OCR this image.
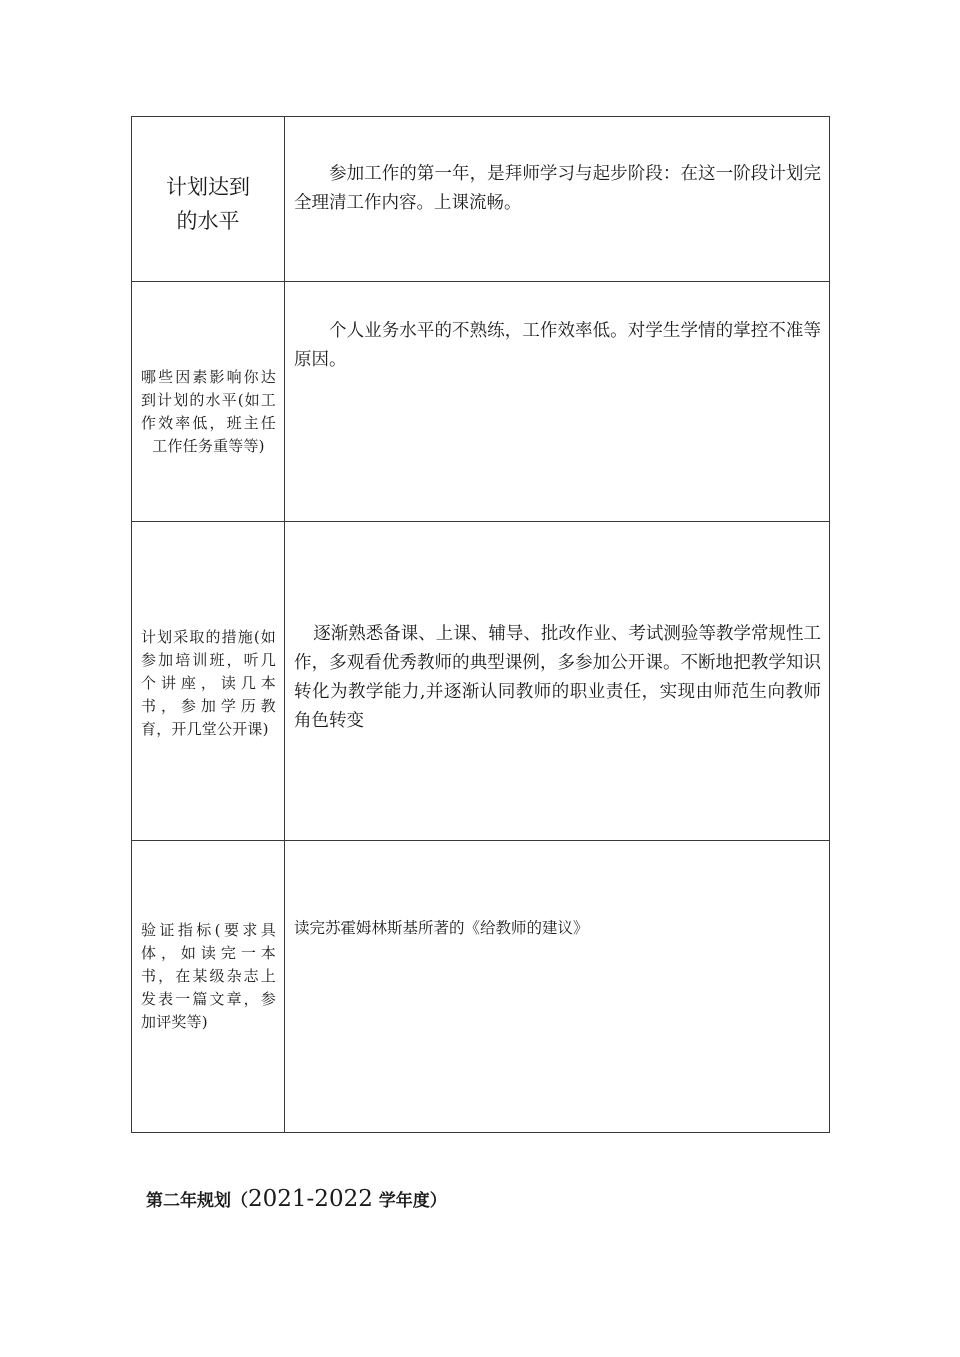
计划达到
的水平	参加工作的第一年，是拜师学习与起步阶段：在这一阶段计划完全理清工作内容。上课流畅。

哪些因素影响你达到计划的水平(如工作效率低，班主任工作任务重等等)	个人业务水平的不熟练，工作效率低。对学生学情的掌控不准等原因。

计划采取的措施(如参加培训班，听几个讲座，读几本书，参加学历教育，开几堂公开课)	逐渐熟悉备课、上课、辅导、批改作业、考试测验等教学常规性工作，多观看优秀教师的典型课例，多参加公开课。不断地把教学知识转化为教学能力,并逐渐认同教师的职业责任，实现由师范生向教师角色转变

验证指标(要求具体，如读完一本书，在某级杂志上发表一篇文章，参加评奖等)	读完苏霍姆林斯基所著的《给教师的建议》
第二年规划（2021-2022 学年度）
